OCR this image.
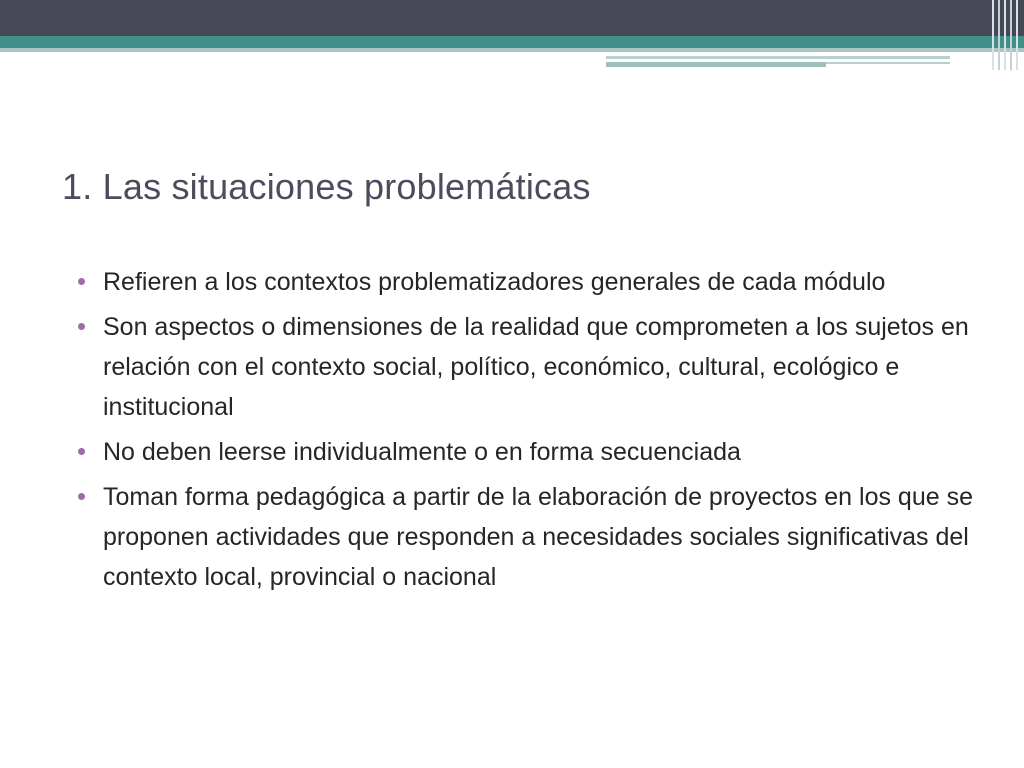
1. Las situaciones problemáticas
Refieren a los contextos problematizadores generales de cada módulo
Son aspectos o dimensiones de la realidad que comprometen a los sujetos en relación con el contexto social, político, económico, cultural, ecológico e institucional
No deben leerse individualmente o en forma secuenciada
Toman forma pedagógica a partir de la elaboración de proyectos en los que se proponen actividades que responden a necesidades sociales significativas del contexto local, provincial o nacional
